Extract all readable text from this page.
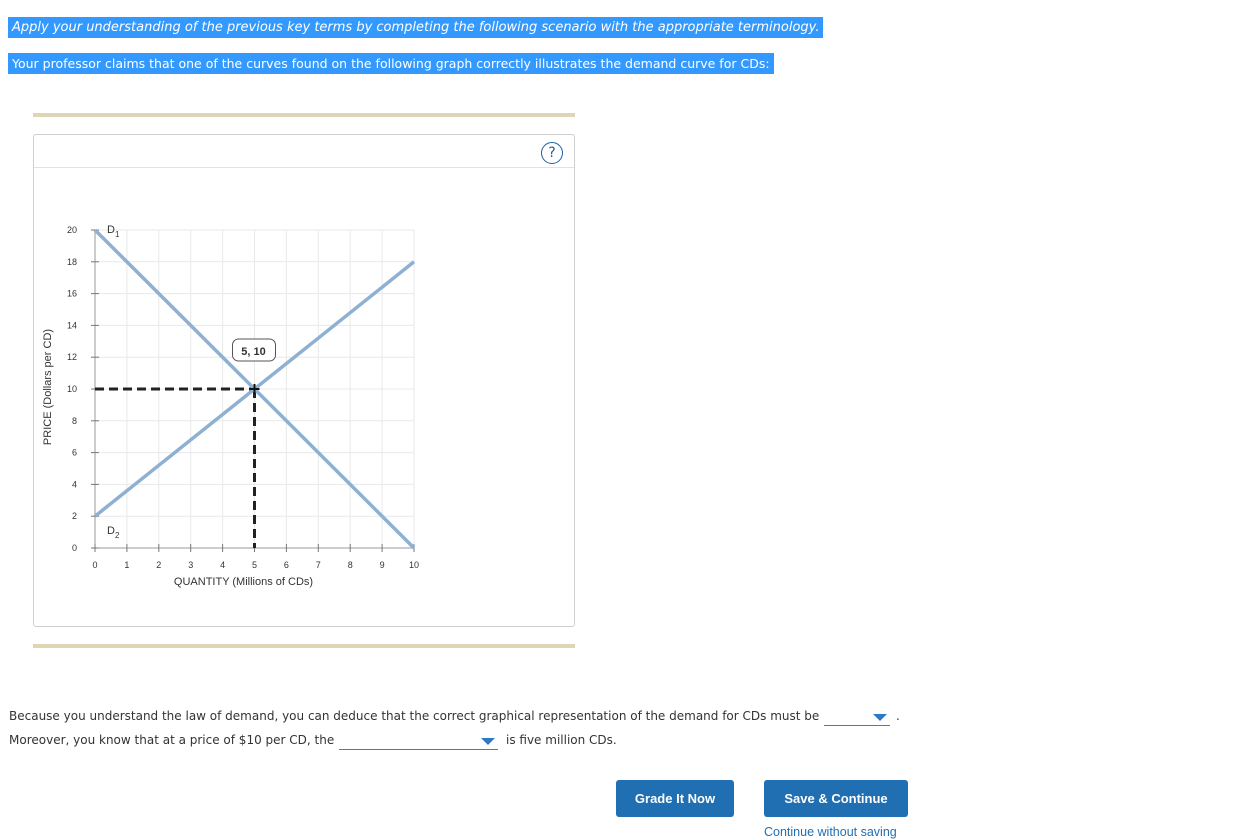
Apply your understanding of the previous key terms by completing the following scenario with the appropriate terminology.
Your professor claims that one of the curves found on the following graph correctly illustrates the demand curve for CDs:
?
0	1	2	3	4	5	6	7	8	9	10
0
2
4
6
8
10
12
14
16
18
20
QUANTITY (Millions of CDs)
PRICE (Dollars per CD)
$D_1$
$D_2$
5, 10
Because you understand the law of demand, you can deduce that the correct graphical representation of the demand for CDs must be	.
Moreover, you know that at a price of $10 per CD, the	is five million CDs.
Grade It Now	Save & Continue
Continue without saving
